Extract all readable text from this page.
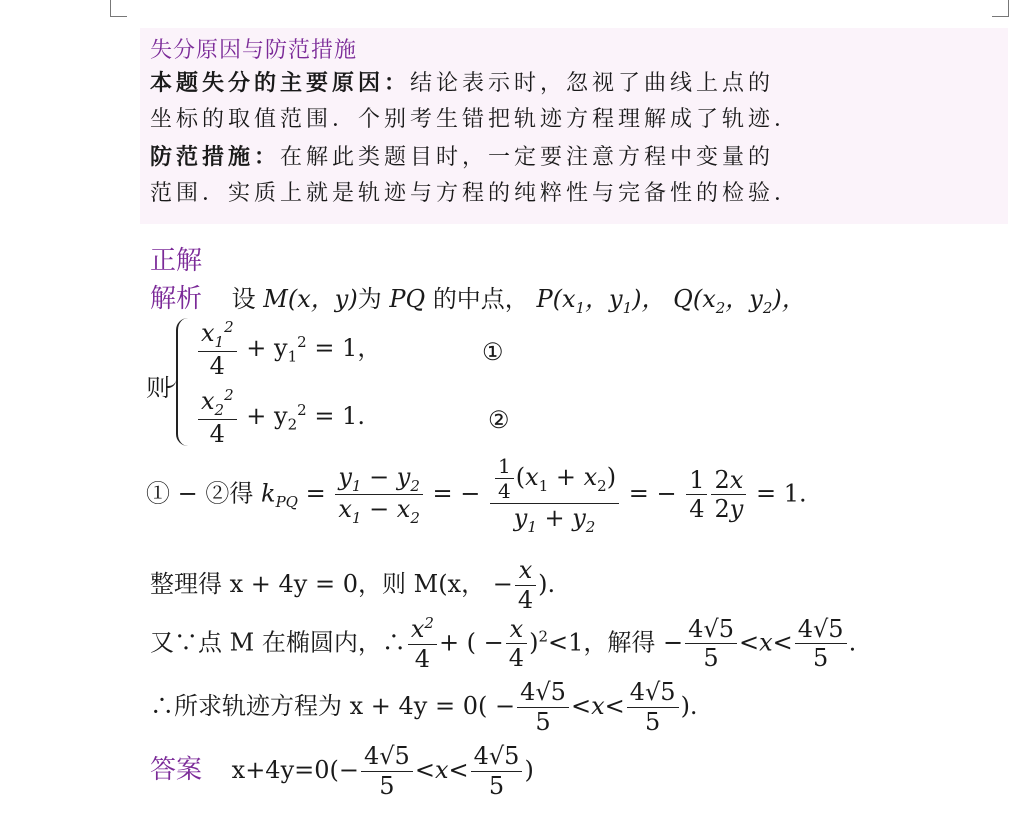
失分原因与防范措施
本题失分的主要原因：结论表示时，忽视了曲线上点的
坐标的取值范围．个别考生错把轨迹方程理解成了轨迹．
防范措施：在解此类题目时，一定要注意方程中变量的
范围．实质上就是轨迹与方程的纯粹性与完备性的检验．
正解
解析 设 M(x，y)为 PQ 的中点， $P(x_1$，$y_1$)， $Q(x_2$，$y_2$)，
则
$\frac{x_1^2}{4} + y_1^2 = 1$，	①
$\frac{x_2^2}{4} + y_2^2 = 1$.	②
① − ②得 $k_{PQ} = \frac{y_1 - y_2}{x_1 - x_2}$ = − $\frac{\frac{1}{4} (x_1 + x_2)}{y_1 + y_2}$ = − $\frac{1}{4} \frac{2x}{2y} = 1$.
整理得 x + 4y = 0，则 M(x， − $\frac{x}{4}$ ).
又∵点 M 在椭圆内，∴ $\frac{x^2}{4}$ + ( − $\frac{x}{4} )^2<1$，解得 − $\frac{4√5}{5} <x< \frac{4√5}{5}$ .
∴所求轨迹方程为 $x + 4y = 0( - \frac{4√5}{5} <x< \frac{4√5}{5}$ ).
答案 $x+4y=0(- \frac{4√5}{5} <x< \frac{4√5}{5}$ )
